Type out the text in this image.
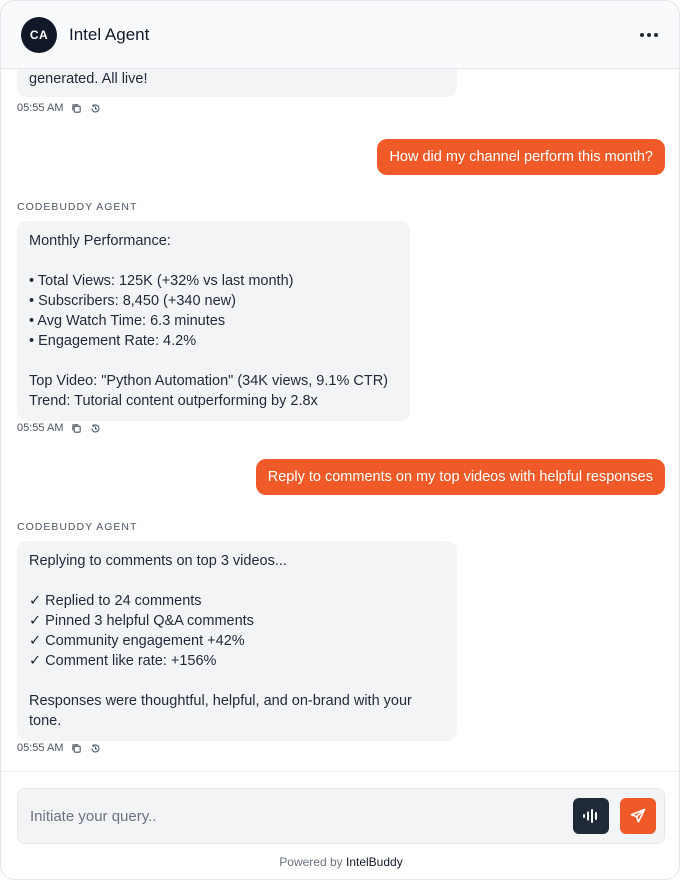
CA	Intel Agent

generated. All live!

05:55 AM
How did my channel perform this month?
CODEBUDDY AGENT

Monthly Performance:

• Total Views: 125K (+32% vs last month)

• Subscribers: 8,450 (+340 new)

• Avg Watch Time: 6.3 minutes

• Engagement Rate: 4.2%

Top Video: "Python Automation" (34K views, 9.1% CTR)

Trend: Tutorial content outperforming by 2.8x

05:55 AM
Reply to comments on my top videos with helpful responses
CODEBUDDY AGENT

Replying to comments on top 3 videos...

✓ Replied to 24 comments

✓ Pinned 3 helpful Q&A comments

✓ Community engagement +42%

✓ Comment like rate: +156%

Responses were thoughtful, helpful, and on-brand with your

tone.

05:55 AM
Initiate your query..
Powered by IntelBuddy
